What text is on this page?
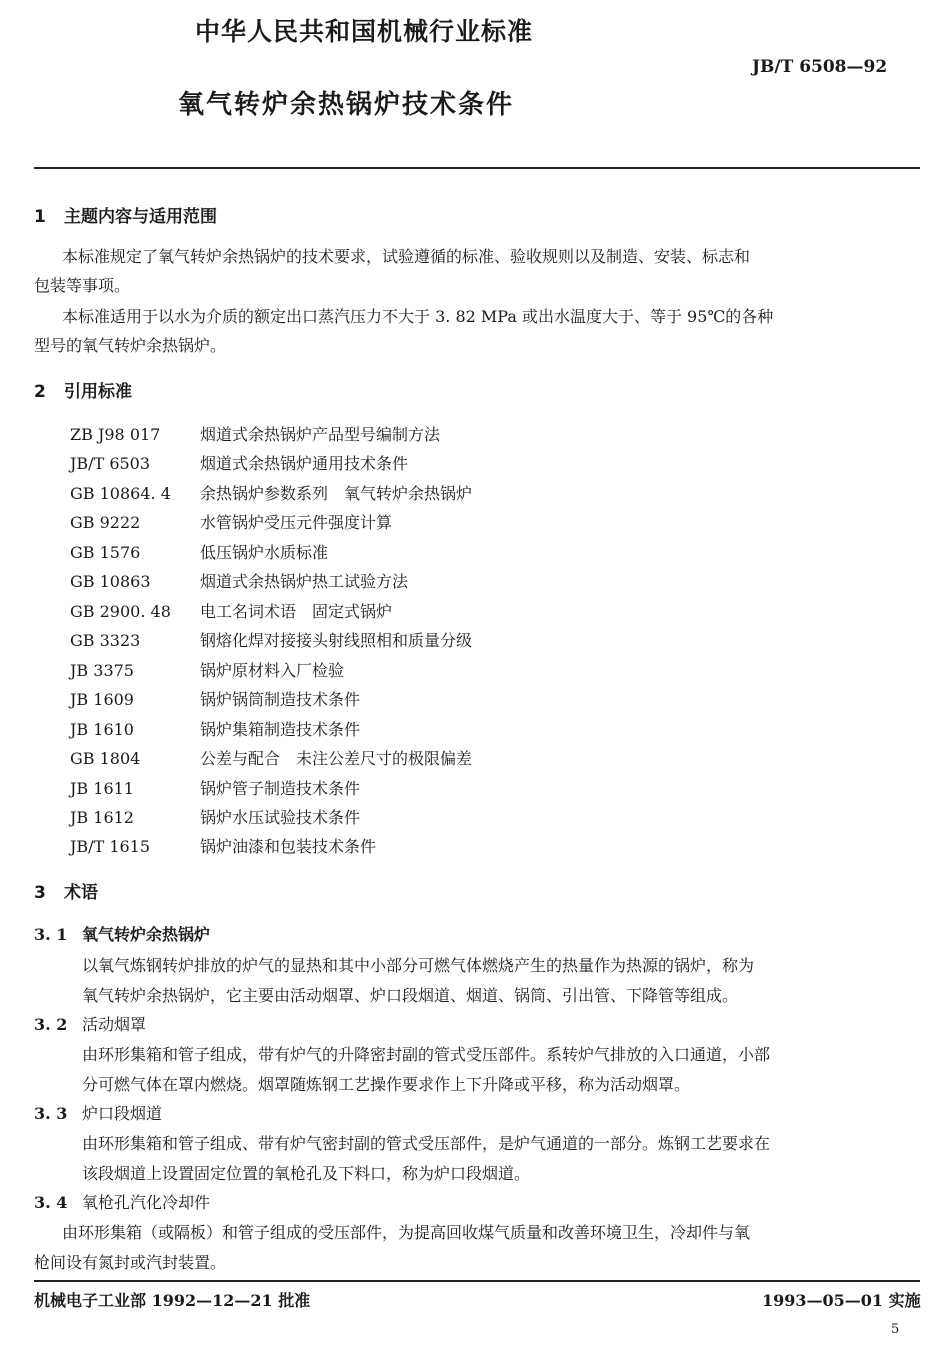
中华人民共和国机械行业标准
JB/T 6508—92
氧气转炉余热锅炉技术条件
1 主题内容与适用范围
本标准规定了氧气转炉余热锅炉的技术要求，试验遵循的标准、验收规则以及制造、安装、标志和
包装等事项。
本标准适用于以水为介质的额定出口蒸汽压力不大于 3. 82 MPa 或出水温度大于、等于 95℃的各种
型号的氧气转炉余热锅炉。
2 引用标准
ZB J98 017 烟道式余热锅炉产品型号编制方法
JB/T 6503	烟道式余热锅炉通用技术条件
GB 10864. 4 余热锅炉参数系列　氧气转炉余热锅炉
GB 9222	水管锅炉受压元件强度计算
GB 1576	低压锅炉水质标准
GB 10863	烟道式余热锅炉热工试验方法
GB 2900. 48 电工名词术语　固定式锅炉
GB 3323	钢熔化焊对接接头射线照相和质量分级
JB 3375	锅炉原材料入厂检验
JB 1609	锅炉锅筒制造技术条件
JB 1610	锅炉集箱制造技术条件
GB 1804	公差与配合　未注公差尺寸的极限偏差
JB 1611	锅炉管子制造技术条件
JB 1612	锅炉水压试验技术条件
JB/T 1615	锅炉油漆和包装技术条件
3 术语
3. 1 氧气转炉余热锅炉
以氧气炼钢转炉排放的炉气的显热和其中小部分可燃气体燃烧产生的热量作为热源的锅炉，称为
氧气转炉余热锅炉，它主要由活动烟罩、炉口段烟道、烟道、锅筒、引出管、下降管等组成。
3. 2 活动烟罩
由环形集箱和管子组成，带有炉气的升降密封副的管式受压部件。系转炉气排放的入口通道，小部
分可燃气体在罩内燃烧。烟罩随炼钢工艺操作要求作上下升降或平移，称为活动烟罩。
3. 3 炉口段烟道
由环形集箱和管子组成、带有炉气密封副的管式受压部件，是炉气通道的一部分。炼钢工艺要求在
该段烟道上设置固定位置的氧枪孔及下料口，称为炉口段烟道。
3. 4 氧枪孔汽化冷却件
由环形集箱（或隔板）和管子组成的受压部件，为提高回收煤气质量和改善环境卫生，冷却件与氧
枪间设有氮封或汽封装置。
机械电子工业部 1992—12—21 批准	1993—05—01 实施
5
